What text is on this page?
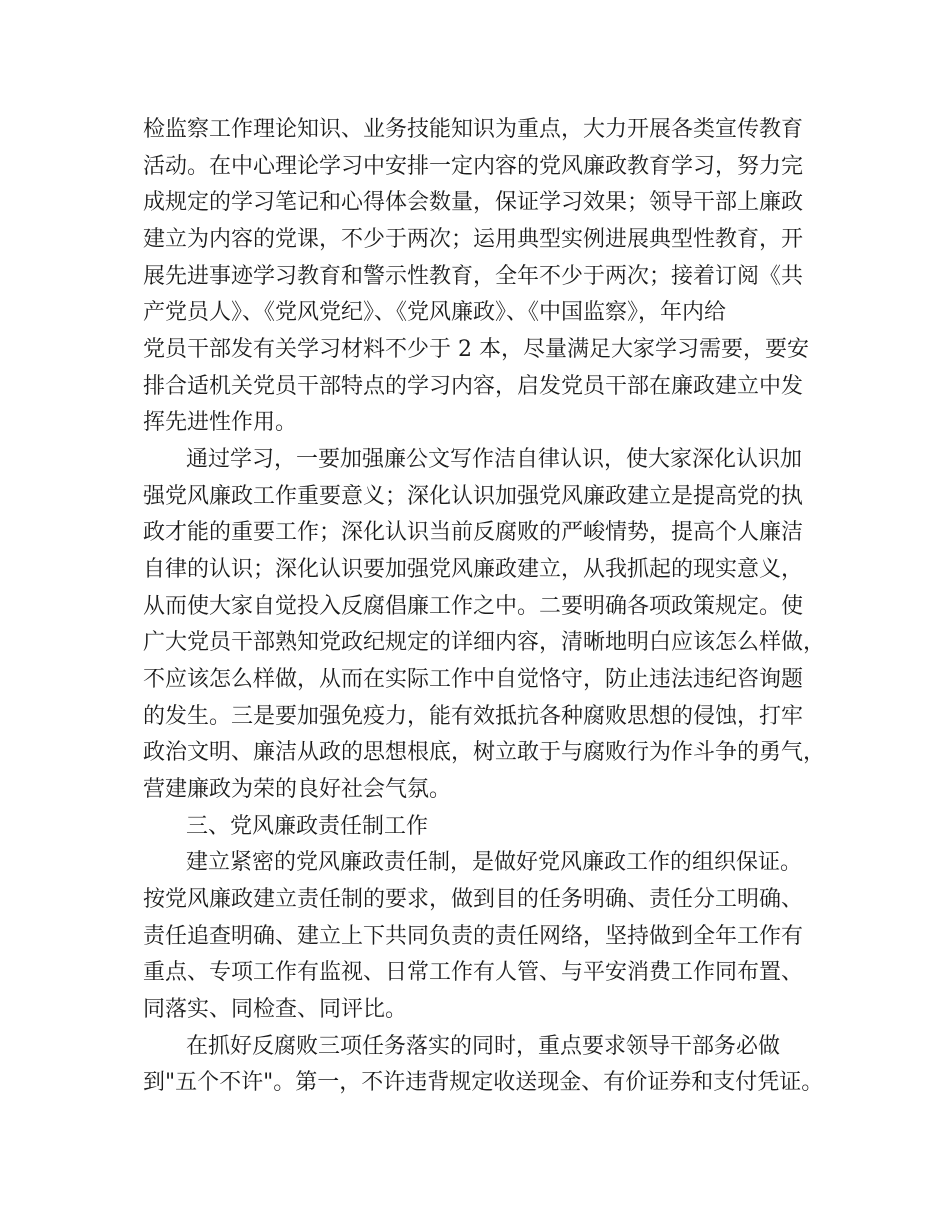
检监察工作理论知识、业务技能知识为重点，大力开展各类宣传教育
活动。在中心理论学习中安排一定内容的党风廉政教育学习，努力完
成规定的学习笔记和心得体会数量，保证学习效果；领导干部上廉政
建立为内容的党课，不少于两次；运用典型实例进展典型性教育，开
展先进事迹学习教育和警示性教育，全年不少于两次；接着订阅《共
产党员人》、《党风党纪》、《党风廉政》、《中国监察》，年内给
党员干部发有关学习材料不少于 2 本，尽量满足大家学习需要，要安
排合适机关党员干部特点的学习内容，启发党员干部在廉政建立中发
挥先进性作用。
通过学习，一要加强廉公文写作洁自律认识，使大家深化认识加
强党风廉政工作重要意义；深化认识加强党风廉政建立是提高党的执
政才能的重要工作；深化认识当前反腐败的严峻情势，提高个人廉洁
自律的认识；深化认识要加强党风廉政建立，从我抓起的现实意义，
从而使大家自觉投入反腐倡廉工作之中。二要明确各项政策规定。使
广大党员干部熟知党政纪规定的详细内容，清晰地明白应该怎么样做，
不应该怎么样做，从而在实际工作中自觉恪守，防止违法违纪咨询题
的发生。三是要加强免疫力，能有效抵抗各种腐败思想的侵蚀，打牢
政治文明、廉洁从政的思想根底，树立敢于与腐败行为作斗争的勇气，
营建廉政为荣的良好社会气氛。
三、党风廉政责任制工作
建立紧密的党风廉政责任制，是做好党风廉政工作的组织保证。
按党风廉政建立责任制的要求，做到目的任务明确、责任分工明确、
责任追查明确、建立上下共同负责的责任网络，坚持做到全年工作有
重点、专项工作有监视、日常工作有人管、与平安消费工作同布置、
同落实、同检查、同评比。
在抓好反腐败三项任务落实的同时，重点要求领导干部务必做
到"五个不许"。第一，不许违背规定收送现金、有价证券和支付凭证。
